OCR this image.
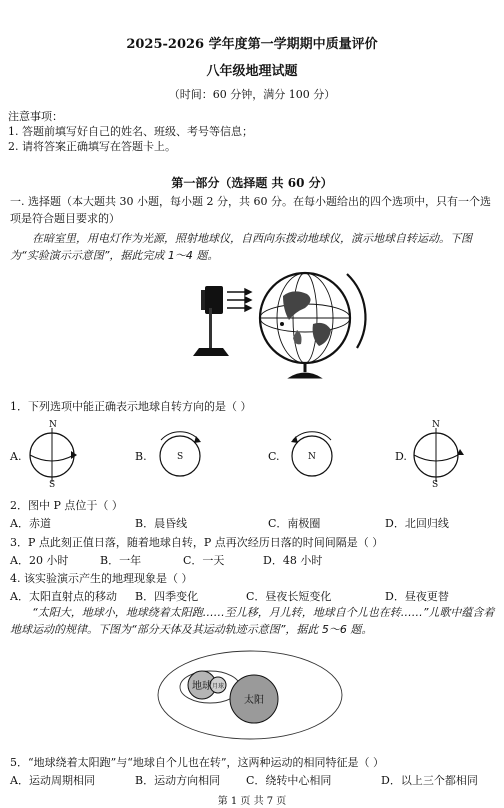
2025-2026 学年度第一学期期中质量评价
八年级地理试题
（时间：60 分钟，满分 100 分）
注意事项：
1. 答题前填写好自己的姓名、班级、考号等信息；
2. 请将答案正确填写在答题卡上。
第一部分（选择题 共 60 分）
一. 选择题（本大题共 30 小题，每小题 2 分，共 60 分。在每小题给出的四个选项中，只有一个选项是符合题目要求的）
在暗室里，用电灯作为光源，照射地球仪，自西向东拨动地球仪，演示地球自转运动。下图为“实验演示示意图”，据此完成 1～4 题。
1．下列选项中能正确表示地球自转方向的是（ ）
A.	B.	C.	D.
N
S
S	N
N
S
2．图中 P 点位于（ ）
A．赤道	B．晨昏线	C．南极圈	D．北回归线
3．P 点此刻正值日落，随着地球自转，P 点再次经历日落的时间间隔是（ ）
A．20 小时	B．一年	C．一天	D．48 小时
4. 该实验演示产生的地理现象是（ ）
A．太阳直射点的移动 B．四季变化	C．昼夜长短变化	D．昼夜更替
“太阳大，地球小，地球绕着太阳跑……至儿移，月儿转，地球自个儿也在转……”儿歌中蕴含着地球运动的规律。下图为“部分天体及其运动轨迹示意图”，据此 5～6 题。
地球 月球
太阳
5．“地球绕着太阳跑”与“地球自个儿也在转”，这两种运动的相同特征是（ ）
A．运动周期相同	B．运动方向相同 C．绕转中心相同	D．以上三个都相同
第 1 页 共 7 页
